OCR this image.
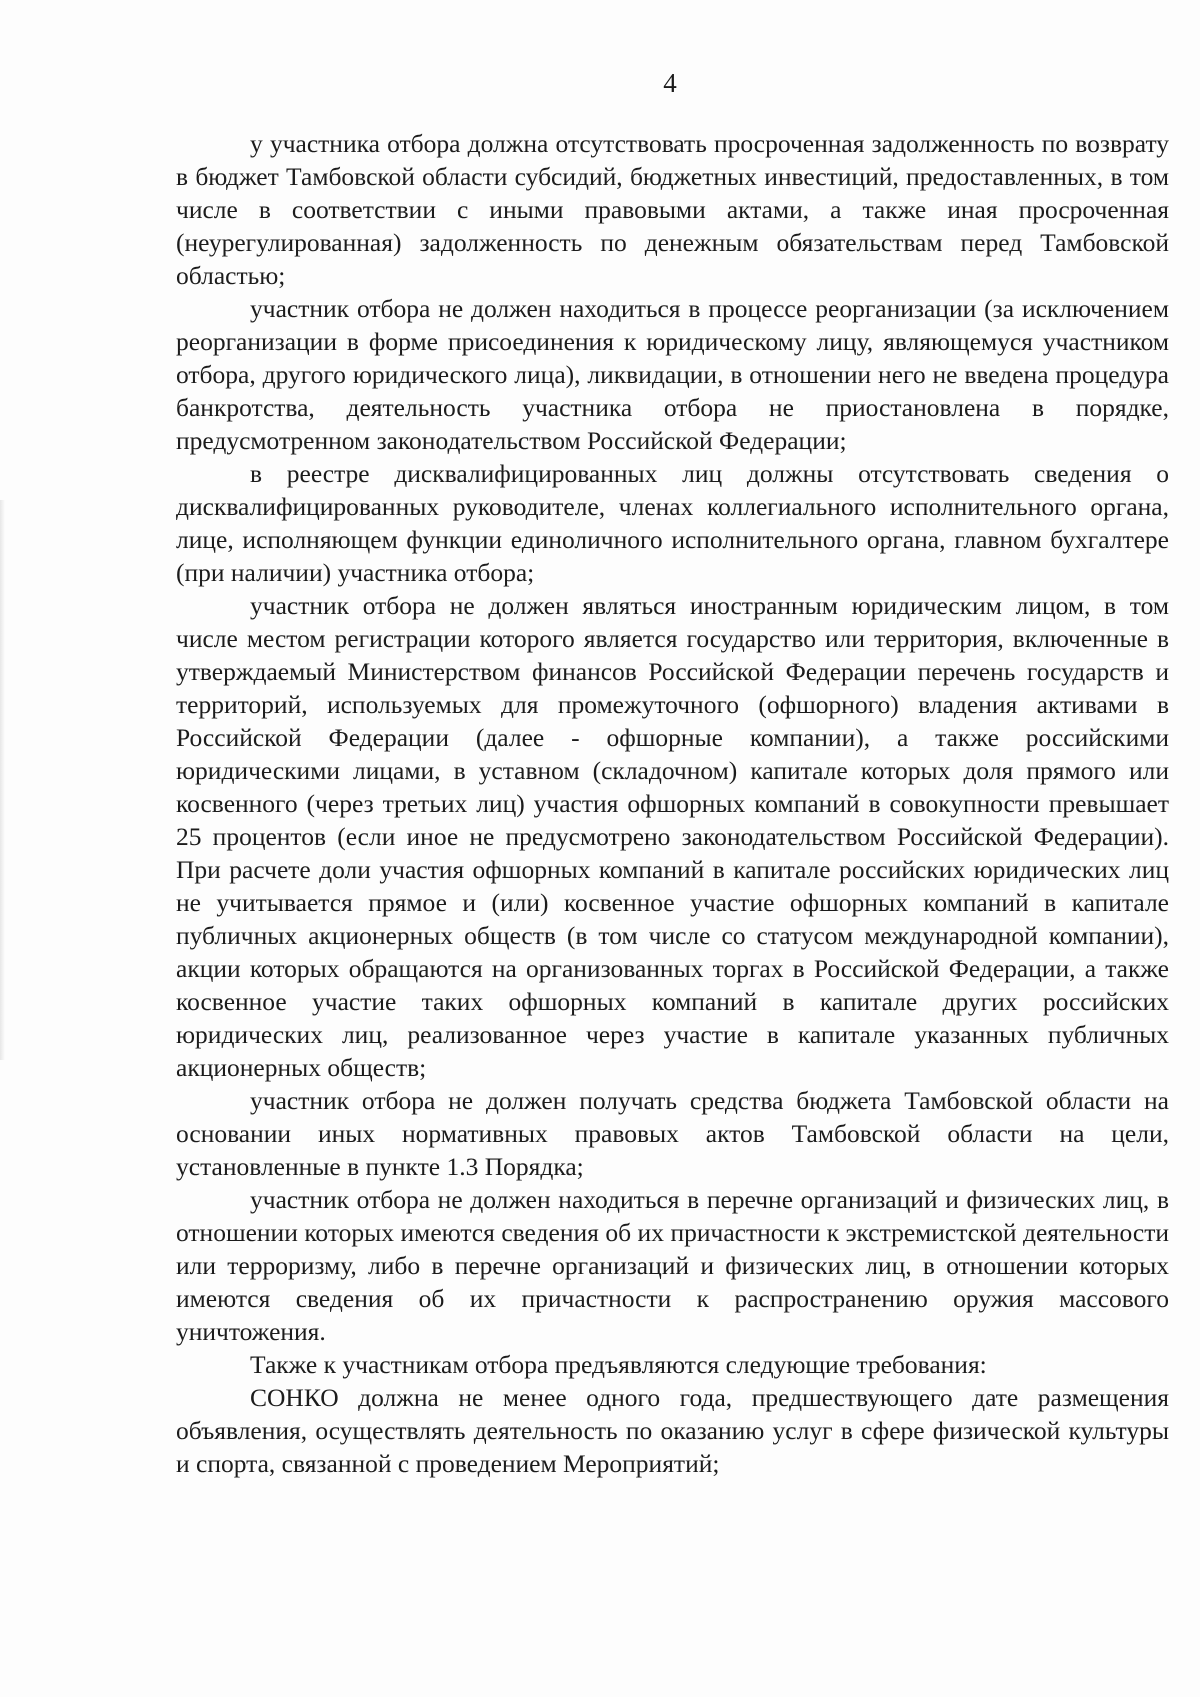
4

у участника отбора должна отсутствовать просроченная задолженность по возврату в бюджет Тамбовской области субсидий, бюджетных инвестиций, предоставленных, в том числе в соответствии с иными правовыми актами, а также иная просроченная (неурегулированная) задолженность по денежным обязательствам перед Тамбовской областью;

участник отбора не должен находиться в процессе реорганизации (за исключением реорганизации в форме присоединения к юридическому лицу, являющемуся участником отбора, другого юридического лица), ликвидации, в отношении него не введена процедура банкротства, деятельность участника отбора не приостановлена в порядке, предусмотренном законодательством Российской Федерации;

в реестре дисквалифицированных лиц должны отсутствовать сведения о дисквалифицированных руководителе, членах коллегиального исполнительного органа, лице, исполняющем функции единоличного исполнительного органа, главном бухгалтере (при наличии) участника отбора;

участник отбора не должен являться иностранным юридическим лицом, в том числе местом регистрации которого является государство или территория, включенные в утверждаемый Министерством финансов Российской Федерации перечень государств и территорий, используемых для промежуточного (офшорного) владения активами в Российской Федерации (далее - офшорные компании), а также российскими юридическими лицами, в уставном (складочном) капитале которых доля прямого или косвенного (через третьих лиц) участия офшорных компаний в совокупности превышает 25 процентов (если иное не предусмотрено законодательством Российской Федерации). При расчете доли участия офшорных компаний в капитале российских юридических лиц не учитывается прямое и (или) косвенное участие офшорных компаний в капитале публичных акционерных обществ (в том числе со статусом международной компании), акции которых обращаются на организованных торгах в Российской Федерации, а также косвенное участие таких офшорных компаний в капитале других российских юридических лиц, реализованное через участие в капитале указанных публичных акционерных обществ;

участник отбора не должен получать средства бюджета Тамбовской области на основании иных нормативных правовых актов Тамбовской области на цели, установленные в пункте 1.3 Порядка;

участник отбора не должен находиться в перечне организаций и физических лиц, в отношении которых имеются сведения об их причастности к экстремистской деятельности или терроризму, либо в перечне организаций и физических лиц, в отношении которых имеются сведения об их причастности к распространению оружия массового уничтожения.

Также к участникам отбора предъявляются следующие требования:

СОНКО должна не менее одного года, предшествующего дате размещения объявления, осуществлять деятельность по оказанию услуг в сфере физической культуры и спорта, связанной с проведением Мероприятий;
